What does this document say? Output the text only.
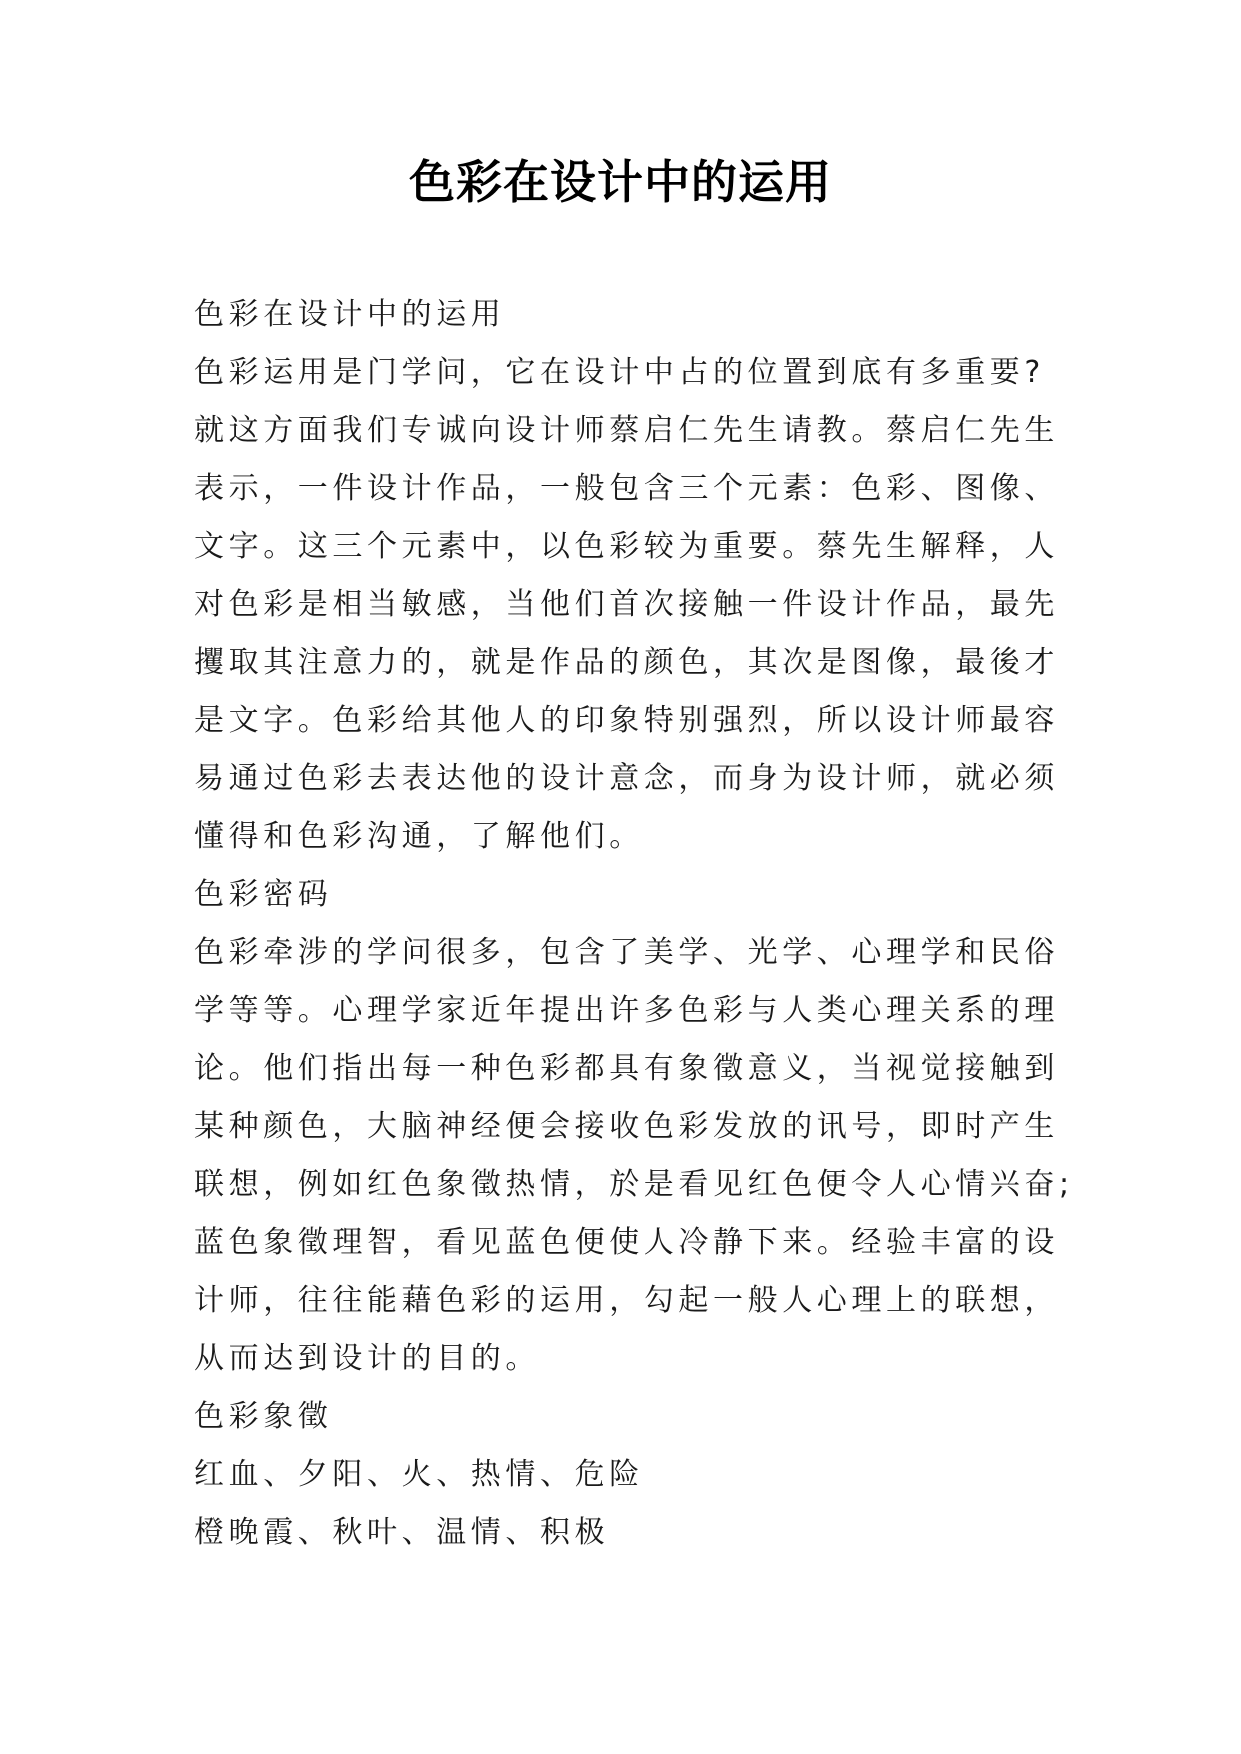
色彩在设计中的运用

色彩在设计中的运用

色彩运用是门学问，它在设计中占的位置到底有多重要?就这方面我们专诚向设计师蔡启仁先生请教。蔡启仁先生表示，一件设计作品，一般包含三个元素：色彩、图像、文字。这三个元素中，以色彩较为重要。蔡先生解释，人对色彩是相当敏感，当他们首次接触一件设计作品，最先攫取其注意力的，就是作品的颜色，其次是图像，最後才是文字。色彩给其他人的印象特别强烈，所以设计师最容易通过色彩去表达他的设计意念，而身为设计师，就必须懂得和色彩沟通，了解他们。

色彩密码

色彩牵涉的学问很多，包含了美学、光学、心理学和民俗学等等。心理学家近年提出许多色彩与人类心理关系的理论。他们指出每一种色彩都具有象徵意义，当视觉接触到某种颜色，大脑神经便会接收色彩发放的讯号，即时产生联想，例如红色象徵热情，於是看见红色便令人心情兴奋;蓝色象徵理智，看见蓝色便使人冷静下来。经验丰富的设计师，往往能藉色彩的运用，勾起一般人心理上的联想，从而达到设计的目的。

色彩象徵

红血、夕阳、火、热情、危险

橙晚霞、秋叶、温情、积极
